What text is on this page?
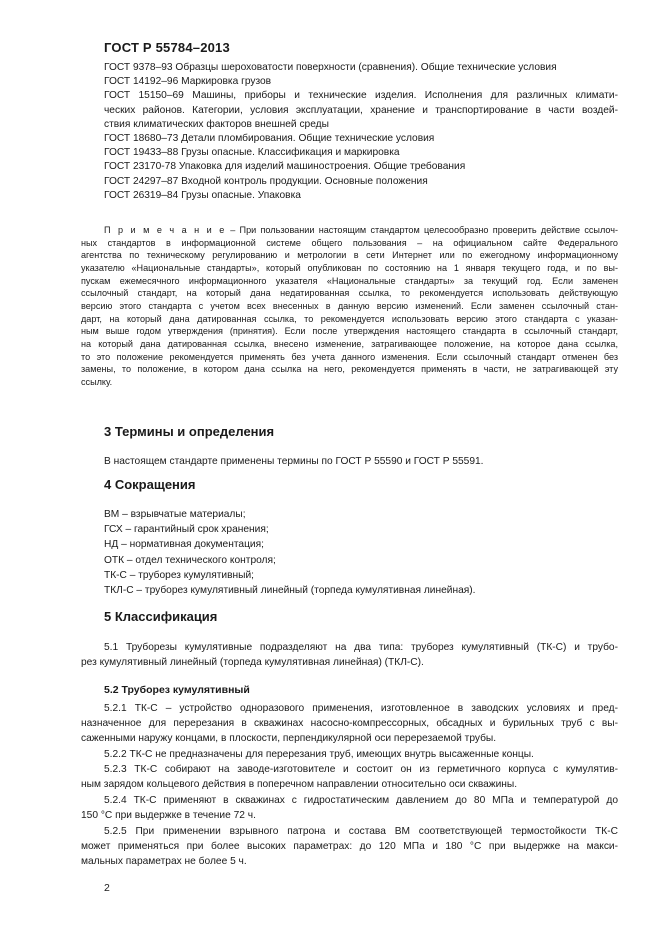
ГОСТ Р 55784–2013
ГОСТ 9378–93 Образцы шероховатости поверхности (сравнения). Общие технические условия
ГОСТ 14192–96 Маркировка грузов
ГОСТ 15150–69 Машины, приборы и технические изделия. Исполнения для различных климати-
ческих районов. Категории, условия эксплуатации, хранение и транспортирование в части воздей-
ствия климатических факторов внешней среды
ГОСТ 18680–73 Детали пломбирования. Общие технические условия
ГОСТ 19433–88 Грузы опасные. Классификация и маркировка
ГОСТ 23170-78 Упаковка для изделий машиностроения. Общие требования
ГОСТ 24297–87 Входной контроль продукции. Основные положения
ГОСТ 26319–84 Грузы опасные. Упаковка
П р и м е ч а н и е – При пользовании настоящим стандартом целесообразно проверить действие ссылоч-
ных стандартов в информационной системе общего пользования – на официальном сайте Федерального
агентства по техническому регулированию и метрологии в сети Интернет или по ежегодному информационному
указателю «Национальные стандарты», который опубликован по состоянию на 1 января текущего года, и по вы-
пускам ежемесячного информационного указателя «Национальные стандарты» за текущий год. Если заменен
ссылочный стандарт, на который дана недатированная ссылка, то рекомендуется использовать действующую
версию этого стандарта с учетом всех внесенных в данную версию изменений. Если заменен ссылочный стан-
дарт, на который дана датированная ссылка, то рекомендуется использовать версию этого стандарта с указан-
ным выше годом утверждения (принятия). Если после утверждения настоящего стандарта в ссылочный стандарт,
на который дана датированная ссылка, внесено изменение, затрагивающее положение, на которое дана ссылка,
то это положение рекомендуется применять без учета данного изменения. Если ссылочный стандарт отменен без
замены, то положение, в котором дана ссылка на него, рекомендуется применять в части, не затрагивающей эту
ссылку.
3 Термины и определения
В настоящем стандарте применены термины по ГОСТ Р 55590 и ГОСТ Р 55591.
4 Сокращения
ВМ – взрывчатые материалы;
ГСХ – гарантийный срок хранения;
НД – нормативная документация;
ОТК – отдел технического контроля;
ТК-С – труборез кумулятивный;
ТКЛ-С – труборез кумулятивный линейный (торпеда кумулятивная линейная).
5 Классификация
5.1 Труборезы кумулятивные подразделяют на два типа: труборез кумулятивный (ТК-С) и трубо-
рез кумулятивный линейный (торпеда кумулятивная линейная) (ТКЛ-С).
5.2 Труборез кумулятивный
5.2.1 ТК-С – устройство одноразового применения, изготовленное в заводских условиях и пред-
назначенное для перерезания в скважинах насосно-компрессорных, обсадных и бурильных труб с вы-
саженными наружу концами, в плоскости, перпендикулярной оси перерезаемой трубы.
5.2.2 ТК-С не предназначены для перерезания труб, имеющих внутрь высаженные концы.
5.2.3 ТК-С собирают на заводе-изготовителе и состоит он из герметичного корпуса с кумулятив-
ным зарядом кольцевого действия в поперечном направлении относительно оси скважины.
5.2.4 ТК-С применяют в скважинах с гидростатическим давлением до 80 МПа и температурой до
150 °С при выдержке в течение 72 ч.
5.2.5 При применении взрывного патрона и состава ВМ соответствующей термостойкости ТК-С
может применяться при более высоких параметрах: до 120 МПа и 180 °С при выдержке на макси-
мальных параметрах не более 5 ч.
2
